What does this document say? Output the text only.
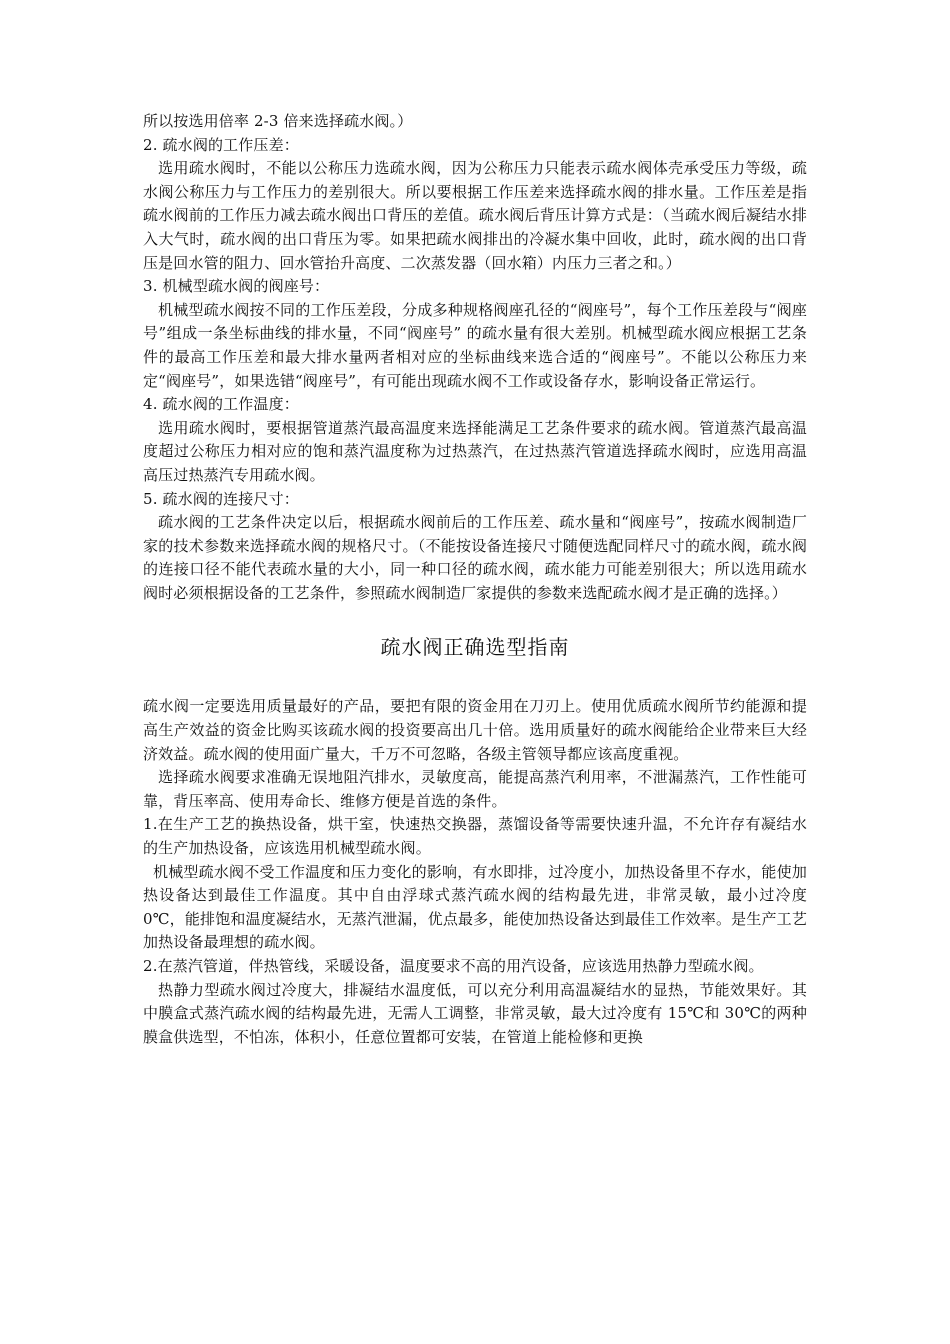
所以按选用倍率 2-3 倍来选择疏水阀。）

2. 疏水阀的工作压差：

选用疏水阀时，不能以公称压力选疏水阀，因为公称压力只能表示疏水阀体壳承受压力等级，疏水阀公称压力与工作压力的差别很大。所以要根据工作压差来选择疏水阀的排水量。工作压差是指疏水阀前的工作压力减去疏水阀出口背压的差值。疏水阀后背压计算方式是：（当疏水阀后凝结水排入大气时，疏水阀的出口背压为零。如果把疏水阀排出的冷凝水集中回收，此时，疏水阀的出口背压是回水管的阻力、回水管抬升高度、二次蒸发器（回水箱）内压力三者之和。）

3. 机械型疏水阀的阀座号：

机械型疏水阀按不同的工作压差段，分成多种规格阀座孔径的“阀座号”，每个工作压差段与“阀座号”组成一条坐标曲线的排水量，不同“阀座号” 的疏水量有很大差别。机械型疏水阀应根据工艺条件的最高工作压差和最大排水量两者相对应的坐标曲线来选合适的“阀座号”。不能以公称压力来定“阀座号”，如果选错“阀座号”，有可能出现疏水阀不工作或设备存水，影响设备正常运行。

4. 疏水阀的工作温度：

选用疏水阀时，要根据管道蒸汽最高温度来选择能满足工艺条件要求的疏水阀。管道蒸汽最高温度超过公称压力相对应的饱和蒸汽温度称为过热蒸汽，在过热蒸汽管道选择疏水阀时，应选用高温高压过热蒸汽专用疏水阀。

5. 疏水阀的连接尺寸：

疏水阀的工艺条件决定以后，根据疏水阀前后的工作压差、疏水量和“阀座号”，按疏水阀制造厂家的技术参数来选择疏水阀的规格尺寸。（不能按设备连接尺寸随便选配同样尺寸的疏水阀，疏水阀的连接口径不能代表疏水量的大小，同一种口径的疏水阀，疏水能力可能差别很大；所以选用疏水阀时必须根据设备的工艺条件，参照疏水阀制造厂家提供的参数来选配疏水阀才是正确的选择。）

疏水阀正确选型指南

疏水阀一定要选用质量最好的产品，要把有限的资金用在刀刃上。使用优质疏水阀所节约能源和提高生产效益的资金比购买该疏水阀的投资要高出几十倍。选用质量好的疏水阀能给企业带来巨大经济效益。疏水阀的使用面广量大，千万不可忽略，各级主管领导都应该高度重视。

选择疏水阀要求准确无误地阻汽排水，灵敏度高，能提高蒸汽利用率，不泄漏蒸汽，工作性能可靠，背压率高、使用寿命长、维修方便是首选的条件。

1.在生产工艺的换热设备，烘干室，快速热交换器，蒸馏设备等需要快速升温，不允许存有凝结水的生产加热设备，应该选用机械型疏水阀。

机械型疏水阀不受工作温度和压力变化的影响，有水即排，过冷度小，加热设备里不存水，能使加热设备达到最佳工作温度。其中自由浮球式蒸汽疏水阀的结构最先进，非常灵敏，最小过冷度 0℃，能排饱和温度凝结水，无蒸汽泄漏，优点最多，能使加热设备达到最佳工作效率。是生产工艺加热设备最理想的疏水阀。

2.在蒸汽管道，伴热管线，采暖设备，温度要求不高的用汽设备，应该选用热静力型疏水阀。

热静力型疏水阀过冷度大，排凝结水温度低，可以充分利用高温凝结水的显热，节能效果好。其中膜盒式蒸汽疏水阀的结构最先进，无需人工调整，非常灵敏，最大过冷度有 15℃和 30℃的两种膜盒供选型，不怕冻，体积小，任意位置都可安装，在管道上能检修和更换
